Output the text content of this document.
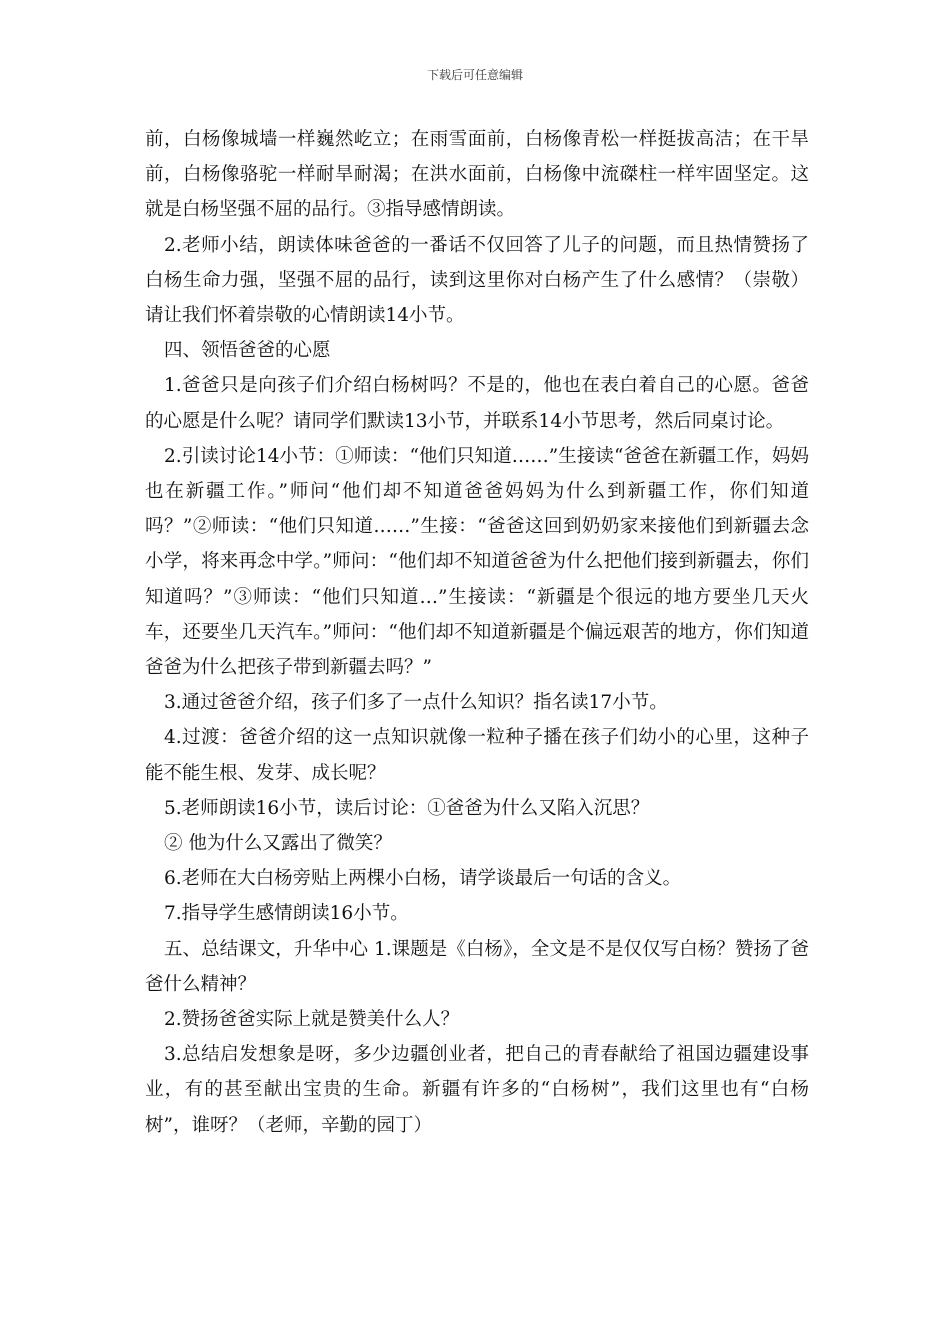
下载后可任意编辑

前，白杨像城墙一样巍然屹立；在雨雪面前，白杨像青松一样挺拔高洁；在干旱前，白杨像骆驼一样耐旱耐渴；在洪水面前，白杨像中流磔柱一样牢固坚定。这就是白杨坚强不屈的品行。③指导感情朗读。

2.老师小结，朗读体味爸爸的一番话不仅回答了儿子的问题，而且热情赞扬了白杨生命力强，坚强不屈的品行，读到这里你对白杨产生了什么感情？（崇敬）请让我们怀着崇敬的心情朗读14小节。

四、领悟爸爸的心愿

1.爸爸只是向孩子们介绍白杨树吗？不是的，他也在表白着自己的心愿。爸爸的心愿是什么呢？请同学们默读13小节，并联系14小节思考，然后同桌讨论。

2.引读讨论14小节：①师读：“他们只知道……”生接读“爸爸在新疆工作，妈妈也在新疆工作。”师问“他们却不知道爸爸妈妈为什么到新疆工作，你们知道吗？”②师读：“他们只知道……”生接：“爸爸这回到奶奶家来接他们到新疆去念小学，将来再念中学。”师问：“他们却不知道爸爸为什么把他们接到新疆去，你们知道吗？”③师读：“他们只知道…”生接读：“新疆是个很远的地方要坐几天火车，还要坐几天汽车。”师问：“他们却不知道新疆是个偏远艰苦的地方，你们知道爸爸为什么把孩子带到新疆去吗？”

3.通过爸爸介绍，孩子们多了一点什么知识？指名读17小节。

4.过渡：爸爸介绍的这一点知识就像一粒种子播在孩子们幼小的心里，这种子能不能生根、发芽、成长呢？

5.老师朗读16小节，读后讨论：①爸爸为什么又陷入沉思？

② 他为什么又露出了微笑？

6.老师在大白杨旁贴上两棵小白杨，请学谈最后一句话的含义。

7.指导学生感情朗读16小节。

五、总结课文，升华中心 1.课题是《白杨》，全文是不是仅仅写白杨？赞扬了爸爸什么精神？

2.赞扬爸爸实际上就是赞美什么人？

3.总结启发想象是呀，多少边疆创业者，把自己的青春献给了祖国边疆建设事业，有的甚至献出宝贵的生命。新疆有许多的“白杨树”，我们这里也有“白杨树”，谁呀？（老师，辛勤的园丁）
